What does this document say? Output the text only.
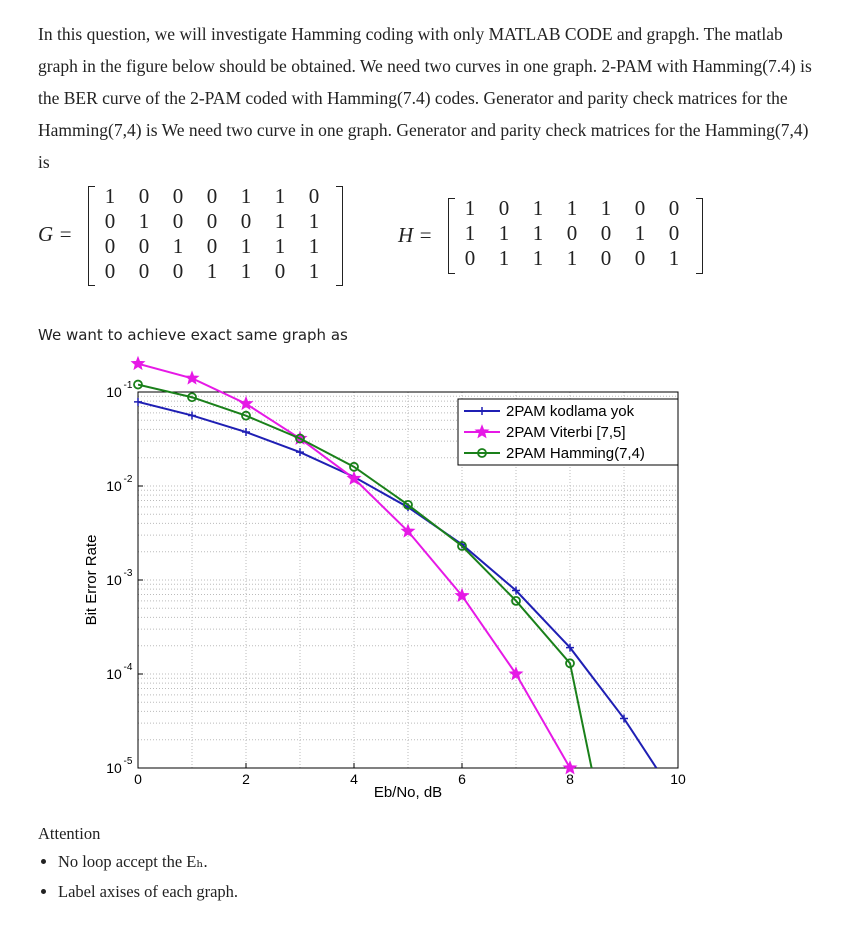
In this question, we will investigate Hamming coding with only MATLAB CODE and grapgh. The matlab graph in the figure below should be obtained. We need two curves in one graph. 2-PAM with Hamming(7.4) is the BER curve of the 2-PAM coded with Hamming(7.4) codes. Generator and parity check matrices for the Hamming(7,4) is We need two curve in one graph. Generator and parity check matrices for the Hamming(7,4) is

G =
1	0	0	0	1	1	0
0	1	0	0	0	1	1
0	0	1	0	1	1	1
0	0	0	1	1	0	1
H =
1	0	1	1	1	0	0
1	1	1	0	0	1	0
0	1	1	1	0	0	1
We want to achieve exact same graph as
0	2	4	6	8	10
10 -1
10 -2
10 -3
10 -4
10 -5
2PAM kodlama yok
2PAM Viterbi [7,5]
2PAM Hamming(7,4)
Eb/No, dB
Bit Error Rate
Attention
• No loop accept the Eₕ.
• Label axises of each graph.
